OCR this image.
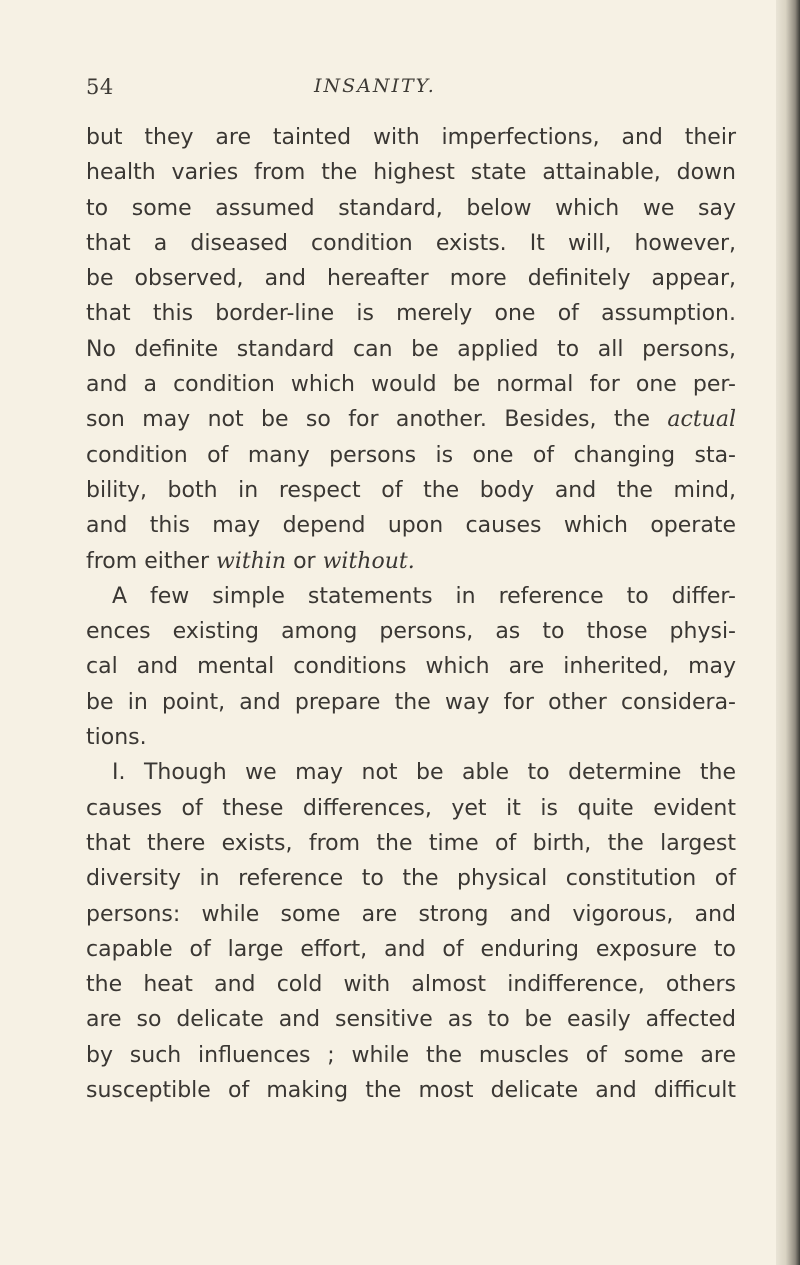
54	INSANITY.
but they are tainted with imperfections, and their
health varies from the highest state attainable, down
to some assumed standard, below which we say
that a diseased condition exists. It will, however,
be observed, and hereafter more definitely appear,
that this border-line is merely one of assumption.
No definite standard can be applied to all persons,
and a condition which would be normal for one per-
son may not be so for another. Besides, the actual
condition of many persons is one of changing sta-
bility, both in respect of the body and the mind,
and this may depend upon causes which operate
from either within or without.
A few simple statements in reference to differ-
ences existing among persons, as to those physi-
cal and mental conditions which are inherited, may
be in point, and prepare the way for other considera-
tions.
I. Though we may not be able to determine the
causes of these differences, yet it is quite evident
that there exists, from the time of birth, the largest
diversity in reference to the physical constitution of
persons: while some are strong and vigorous, and
capable of large effort, and of enduring exposure to
the heat and cold with almost indifference, others
are so delicate and sensitive as to be easily affected
by such influences ; while the muscles of some are
susceptible of making the most delicate and difficult
